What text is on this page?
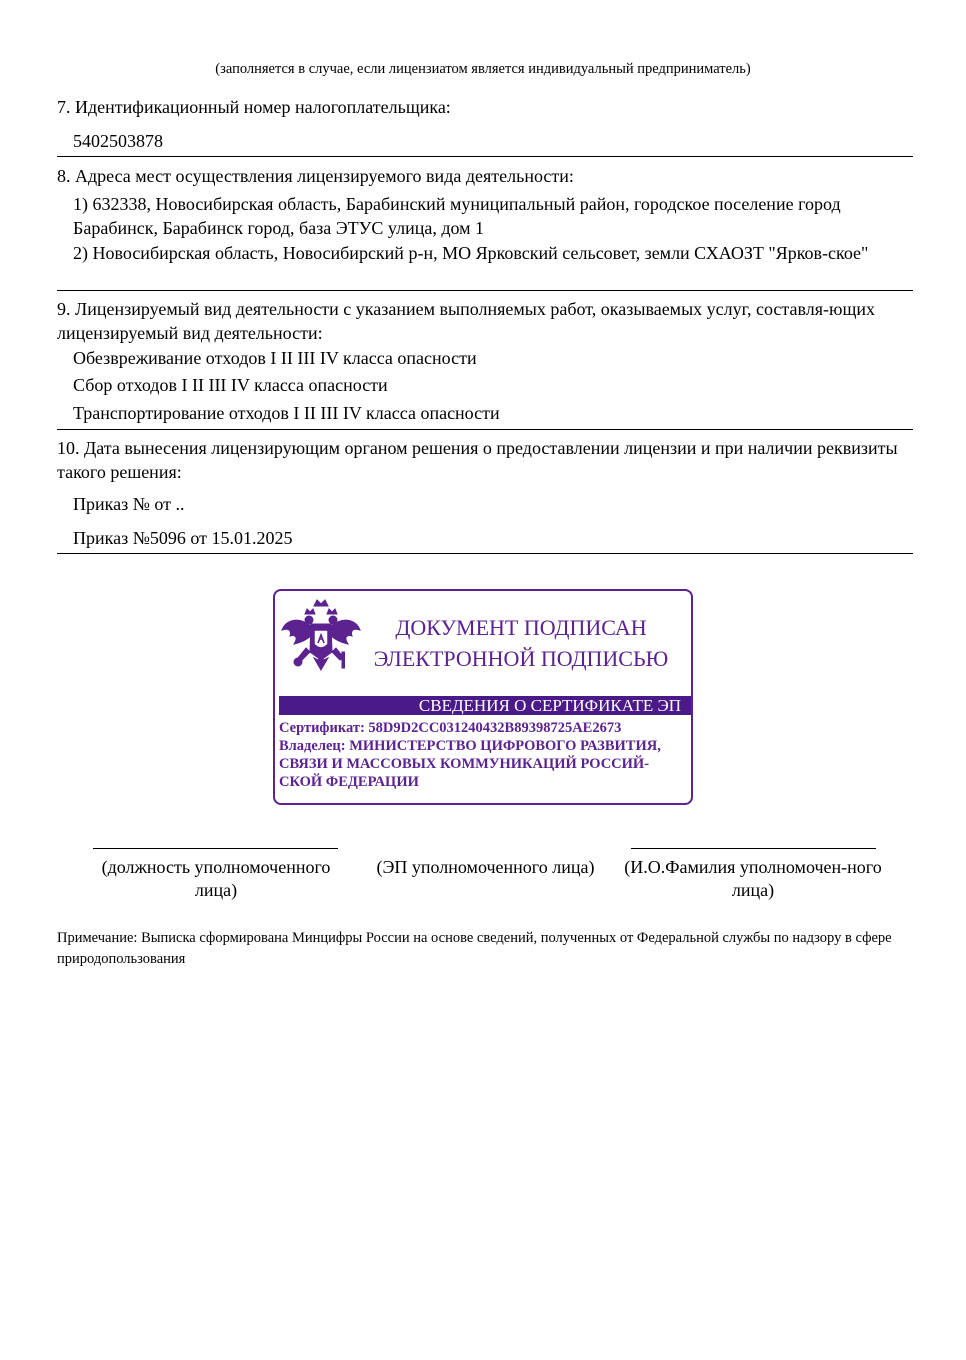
(заполняется в случае, если лицензиатом является индивидуальный предприниматель)
7. Идентификационный номер налогоплательщика:
5402503878
8. Адреса мест осуществления лицензируемого вида деятельности:
1) 632338, Новосибирская область, Барабинский муниципальный район, городское поселение город Барабинск, Барабинск город, база ЭТУС улица, дом 1
2) Новосибирская область, Новосибирский р-н, МО Ярковский сельсовет, земли СХАОЗТ "Ярков-ское"
9. Лицензируемый вид деятельности с указанием выполняемых работ, оказываемых услуг, составля-ющих лицензируемый вид деятельности:
Обезвреживание отходов I II III IV класса опасности
Сбор отходов I II III IV класса опасности
Транспортирование отходов I II III IV класса опасности
10. Дата вынесения лицензирующим органом решения о предоставлении лицензии и при наличии реквизиты такого решения:
Приказ № от ..
Приказ №5096 от 15.01.2025
ДОКУМЕНТ ПОДПИСАН
ЭЛЕКТРОННОЙ ПОДПИСЬЮ
СВЕДЕНИЯ О СЕРТИФИКАТЕ ЭП
Сертификат: 58D9D2CC031240432B89398725AE2673
Владелец: МИНИСТЕРСТВО ЦИФРОВОГО РАЗВИТИЯ,
СВЯЗИ И МАССОВЫХ КОММУНИКАЦИЙ РОССИЙ-
СКОЙ ФЕДЕРАЦИИ
(должность уполномоченного лица)
(ЭП уполномоченного лица)	(И.О.Фамилия уполномочен-ного лица)
Примечание: Выписка сформирована Минцифры России на основе сведений, полученных от Федеральной службы по надзору в сфере природопользования
